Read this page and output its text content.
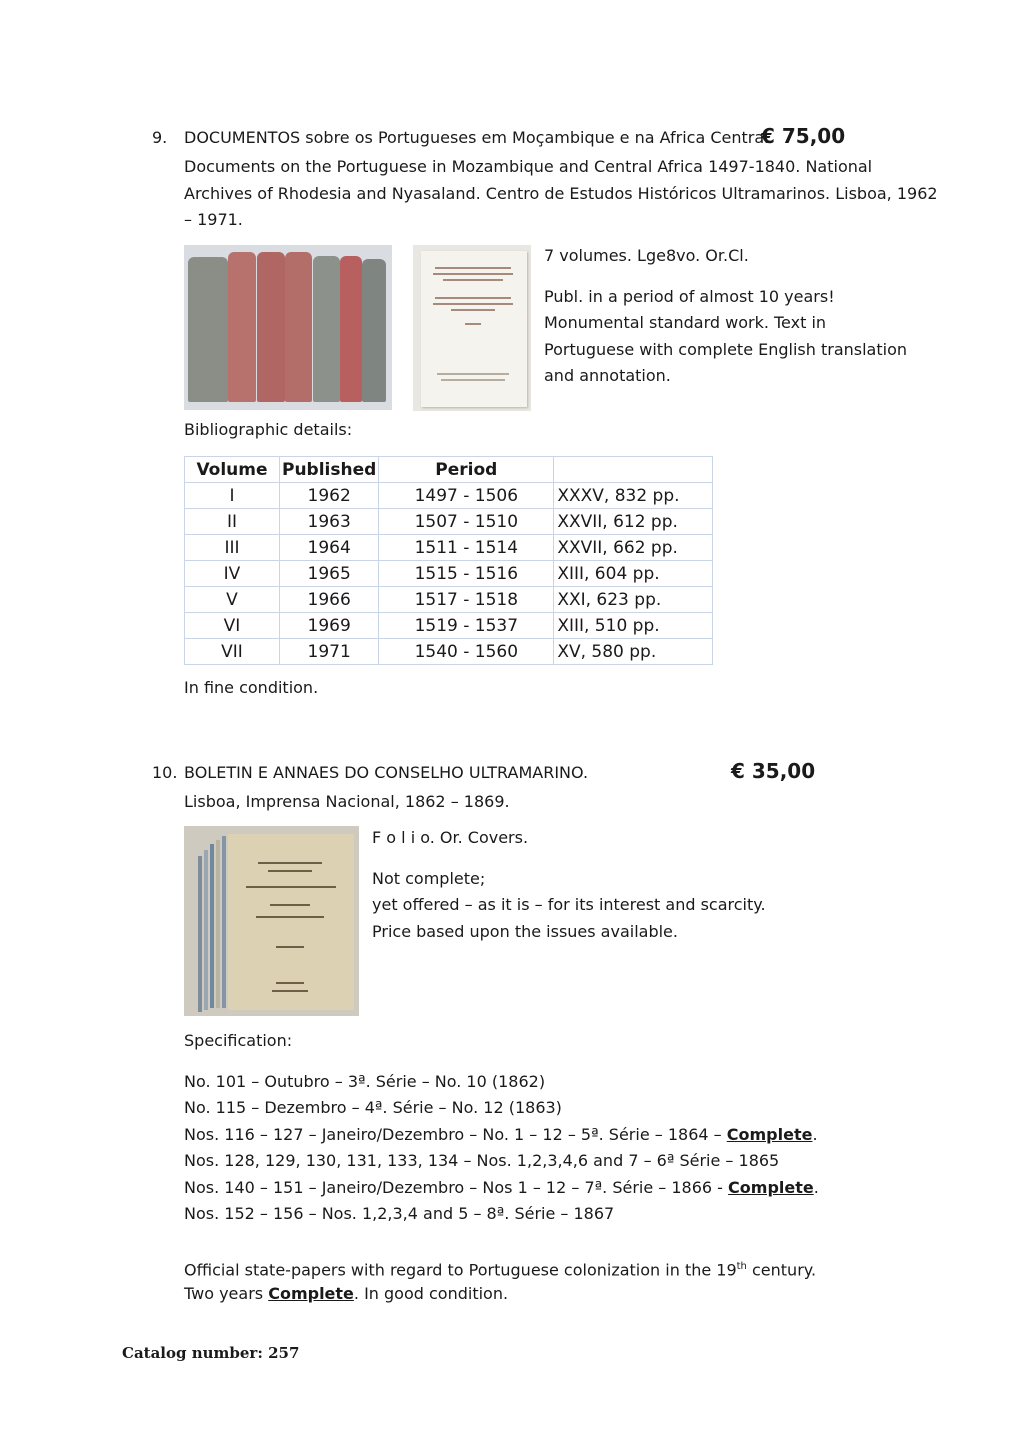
9. DOCUMENTOS sobre os Portugueses em Moçambique e na Africa Central.
€ 75,00
Documents on the Portuguese in Mozambique and Central Africa 1497-1840. National
Archives of Rhodesia and Nyasaland. Centro de Estudos Históricos Ultramarinos. Lisboa, 1962
– 1971.
7 volumes. Lge8vo. Or.Cl.
Publ. in a period of almost 10 years!
Monumental standard work. Text in
Portuguese with complete English translation
and annotation.
Bibliographic details:
Volume	Published	Period	
I	1962	1497 - 1506	XXXV, 832 pp.
II	1963	1507 - 1510	XXVII, 612 pp.
III	1964	1511 - 1514	XXVII, 662 pp.
IV	1965	1515 - 1516	XIII, 604 pp.
V	1966	1517 - 1518	XXI, 623 pp.
VI	1969	1519 - 1537	XIII, 510 pp.
VII	1971	1540 - 1560	XV, 580 pp.
In fine condition.
10. BOLETIN E ANNAES DO CONSELHO ULTRAMARINO.	€ 35,00
Lisboa, Imprensa Nacional, 1862 – 1869.
F o l i o. Or. Covers.
Not complete;
yet offered – as it is – for its interest and scarcity.
Price based upon the issues available.
Specification:
No. 101 – Outubro – 3ª. Série – No. 10 (1862)
No. 115 – Dezembro – 4ª. Série – No. 12 (1863)
Nos. 116 – 127 – Janeiro/Dezembro – No. 1 – 12 – 5ª. Série – 1864 – Complete.
Nos. 128, 129, 130, 131, 133, 134 – Nos. 1,2,3,4,6 and 7 – 6ª Série – 1865
Nos. 140 – 151 – Janeiro/Dezembro – Nos 1 – 12 – 7ª. Série – 1866 - Complete.
Nos. 152 – 156 – Nos. 1,2,3,4 and 5 – 8ª. Série – 1867
Official state-papers with regard to Portuguese colonization in the 19th century.
Two years Complete. In good condition.
Catalog number: 257
